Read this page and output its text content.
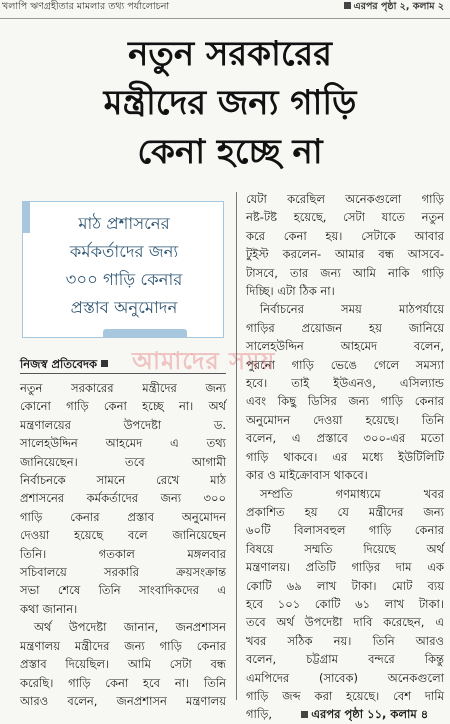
খলাপি ঋণগ্রহীতার মামলার তথ্য পর্যালোচনা	এরপর পৃষ্ঠা ২, কলাম ২
নতুন সরকারের
মন্ত্রীদের জন্য গাড়ি
কেনা হচ্ছে না
মাঠ প্রশাসনের
কর্মকর্তাদের জন্য
৩০০ গাড়ি কেনার
প্রস্তাব অনুমোদন
আমাদের সময়
নিজস্ব প্রতিবেদক

নতুন সরকারের মন্ত্রীদের জন্য

কোনো গাড়ি কেনা হচ্ছে না। অর্থ

মন্ত্রণালয়ের উপদেষ্টা ড.

সালেহউদ্দিন আহমেদ এ তথ্য

জানিয়েছেন। তবে আগামী

নির্বাচনকে সামনে রেখে মাঠ

প্রশাসনের কর্মকর্তাদের জন্য ৩০০

গাড়ি কেনার প্রস্তাব অনুমোদন

দেওয়া হয়েছে বলে জানিয়েছেন

তিনি। গতকাল মঙ্গলবার

সচিবালয়ে সরকারি ক্রয়সংক্রান্ত

সভা শেষে তিনি সাংবাদিকদের এ

কথা জানান।

অর্থ উপদেষ্টা জানান, জনপ্রশাসন

মন্ত্রণালয় মন্ত্রীদের জন্য গাড়ি কেনার

প্রস্তাব দিয়েছিল। আমি সেটা বন্ধ

করেছি। গাড়ি কেনা হবে না। তিনি

আরও বলেন, জনপ্রশাসন মন্ত্রণালয়

যেটা করেছিল অনেকগুলো গাড়ি

নষ্ট-টষ্ট হয়েছে, সেটা যাতে নতুন

করে কেনা হয়। সেটাকে আবার

টুইস্ট করলেন- আমার বন্ধ আসবে-

টাসবে, তার জন্য আমি নাকি গাড়ি

দিচ্ছি। এটা ঠিক না।

নির্বাচনের সময় মাঠপর্যায়ে

গাড়ির প্রয়োজন হয় জানিয়ে

সালেহউদ্দিন আহমেদ বলেন,

পুরনো গাড়ি ভেঙে গেলে সমস্যা

হবে। তাই ইউএনও, এসিল্যান্ড

এবং কিছু ডিসির জন্য গাড়ি কেনার

অনুমোদন দেওয়া হয়েছে। তিনি

বলেন, এ প্রস্তাবে ৩০০-এর মতো

গাড়ি থাকবে। এর মধ্যে ইউটিলিটি

কার ও মাইক্রোবাস থাকবে।

সম্প্রতি গণমাধ্যমে খবর

প্রকাশিত হয় যে মন্ত্রীদের জন্য

৬০টি বিলাসবহুল গাড়ি কেনার

বিষয়ে সম্মতি দিয়েছে অর্থ

মন্ত্রণালয়। প্রতিটি গাড়ির দাম এক

কোটি ৬৯ লাখ টাকা। মোট ব্যয়

হবে ১০১ কোটি ৬১ লাখ টাকা।

তবে অর্থ উপদেষ্টা দাবি করেছেন, এ

খবর সঠিক নয়। তিনি আরও

বলেন, চট্টগ্রাম বন্দরে কিন্তু

এমপিদের (সাবেক) অনেকগুলো

গাড়ি জব্দ করা হয়েছে। বেশ দামি

গাড়ি,	এরপর পৃষ্ঠা ১১, কলাম ৪
